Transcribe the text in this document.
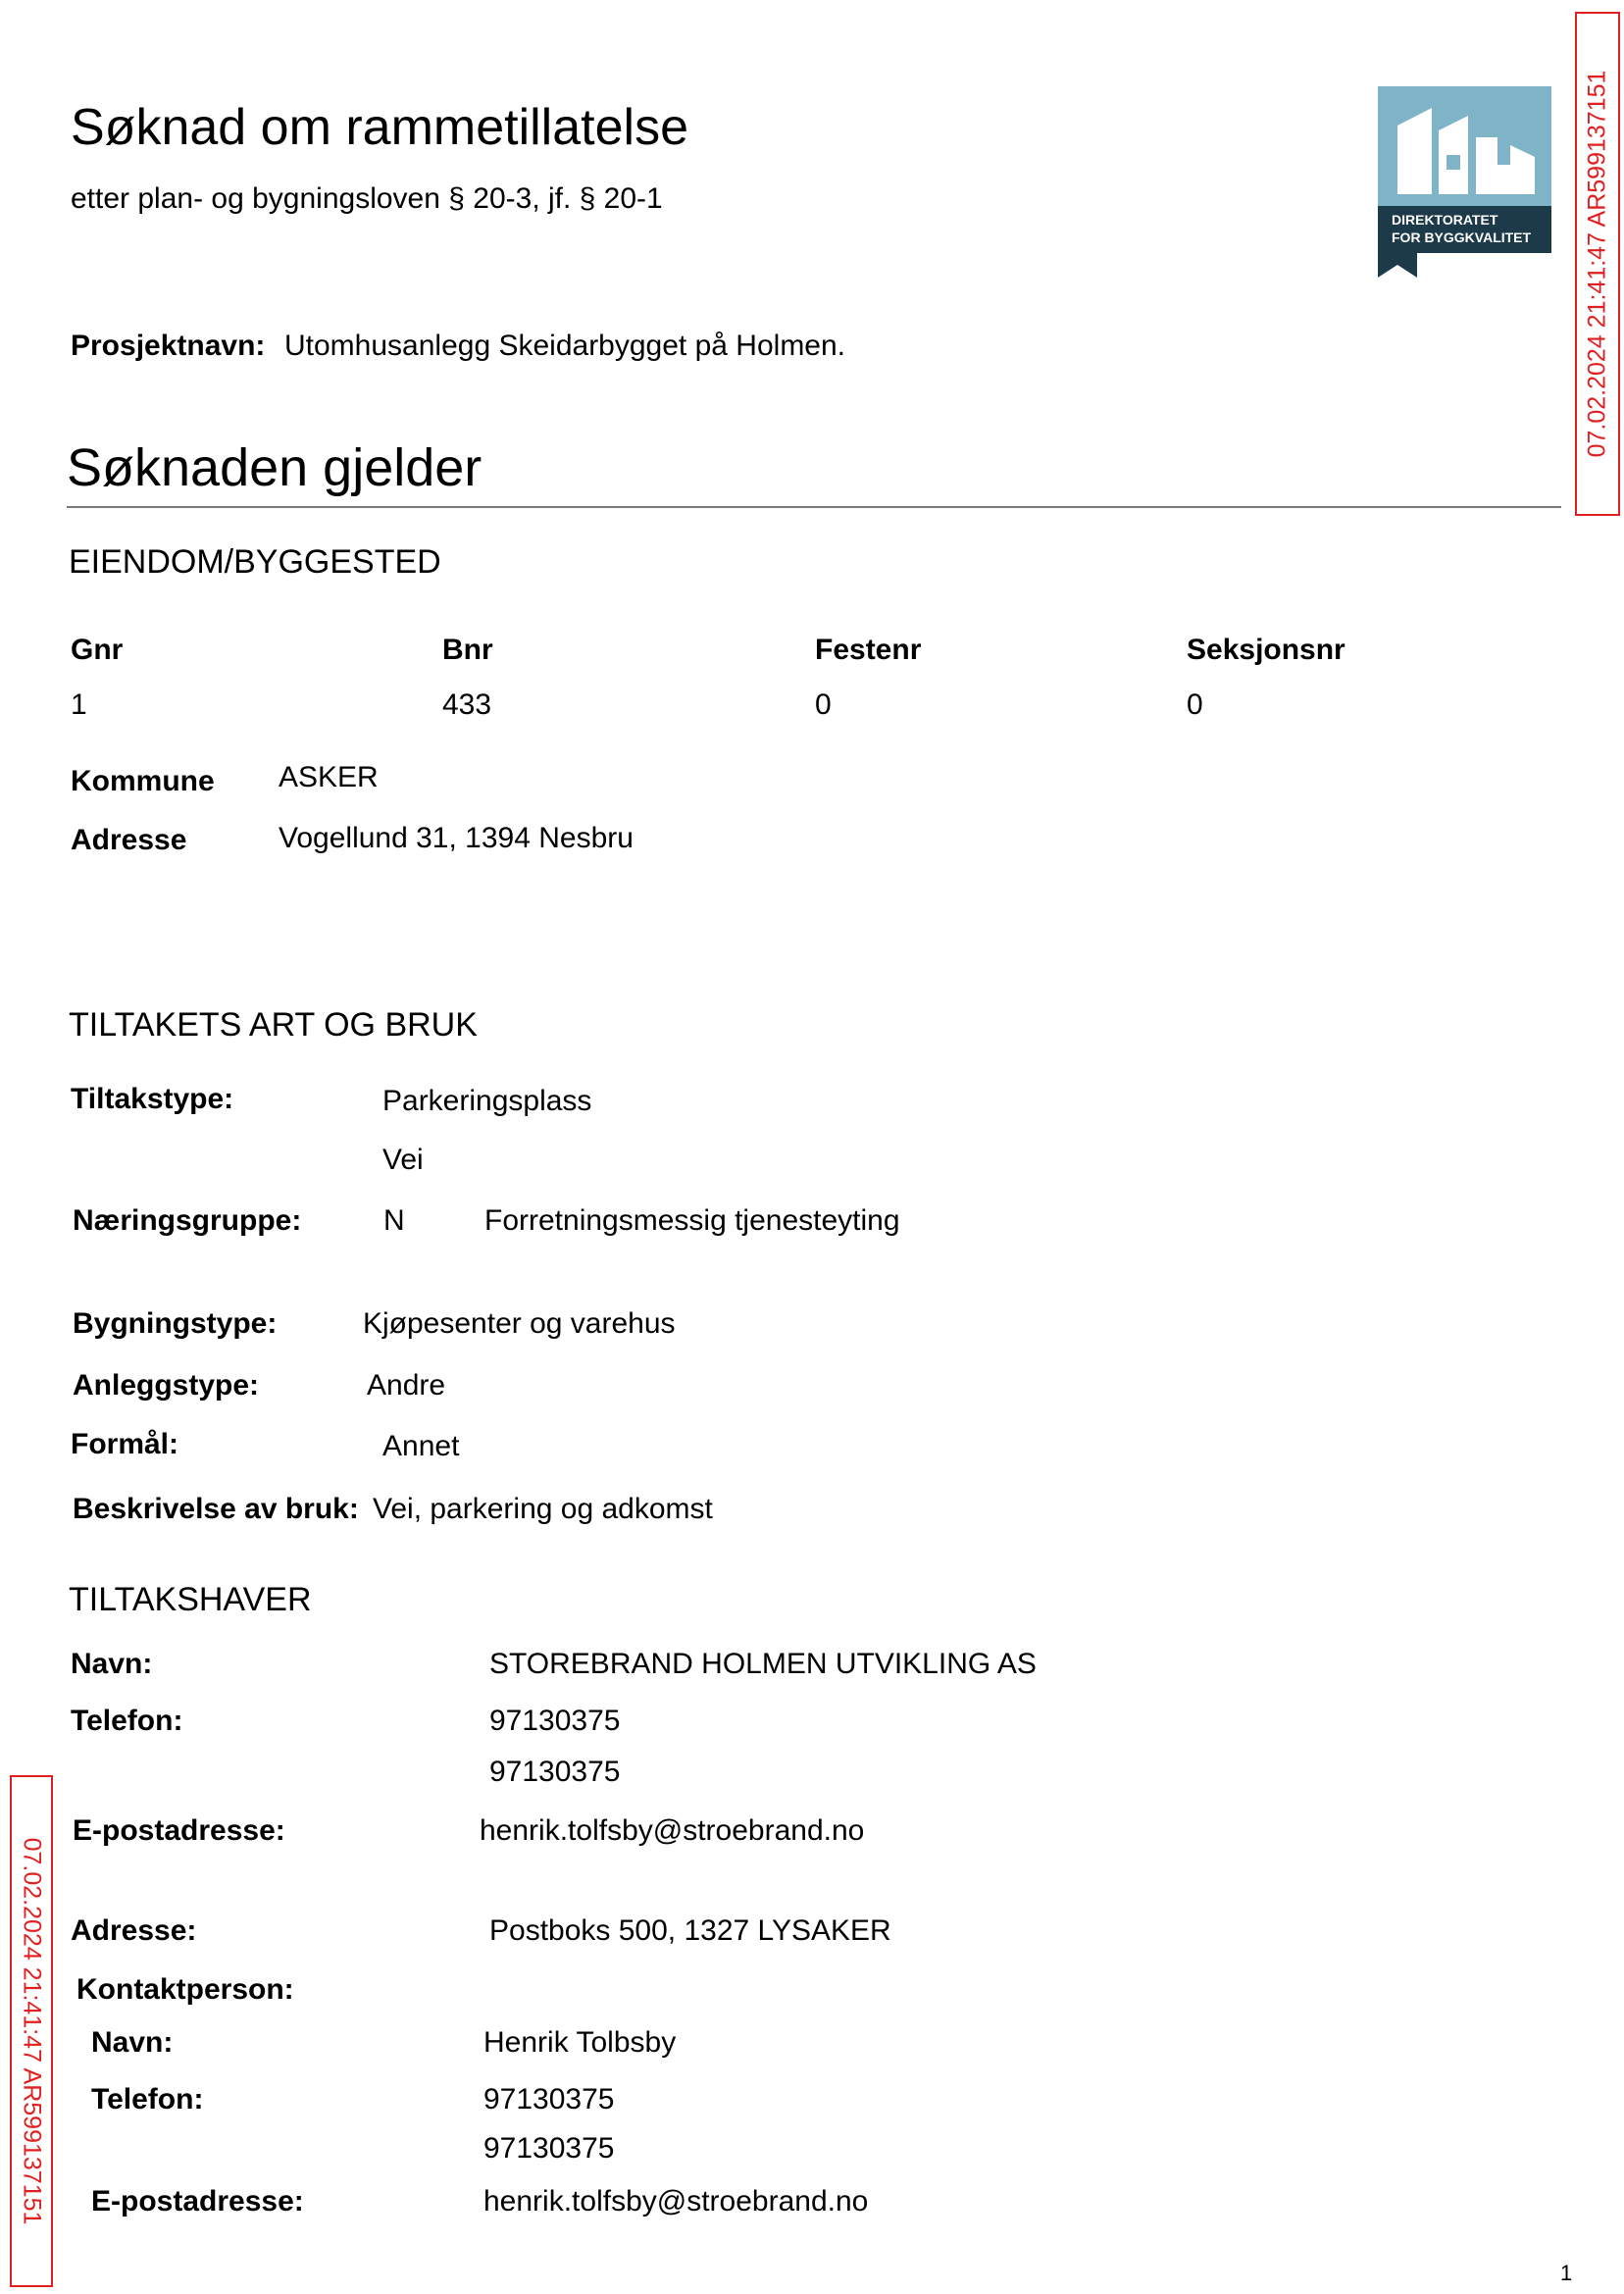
Søknad om rammetillatelse
etter plan- og bygningsloven § 20-3, jf. § 20-1
DIREKTORATET
FOR BYGGKVALITET 07.02.2024 21:41:47 AR599137151
07.02.2024 21:41:47 AR599137151
Prosjektnavn: Utomhusanlegg Skeidarbygget på Holmen.
Søknaden gjelder
EIENDOM/BYGGESTED
Gnr	Bnr	Festenr	Seksjonsnr
1	433	0	0
Kommune ASKER
Adresse	Vogellund 31, 1394 Nesbru
TILTAKETS ART OG BRUK
Tiltakstype:	Parkeringsplass
Vei
Næringsgruppe:	N	Forretningsmessig tjenesteyting
Bygningstype:	Kjøpesenter og varehus
Anleggstype:	Andre
Formål:	Annet
Beskrivelse av bruk: Vei, parkering og adkomst
TILTAKSHAVER
Navn:	STOREBRAND HOLMEN UTVIKLING AS
Telefon:	97130375
97130375
E-postadresse:	henrik.tolfsby@stroebrand.no
Adresse:	Postboks 500, 1327 LYSAKER
Kontaktperson:
Navn:	Henrik Tolbsby
Telefon:	97130375
97130375
E-postadresse:	henrik.tolfsby@stroebrand.no
1
